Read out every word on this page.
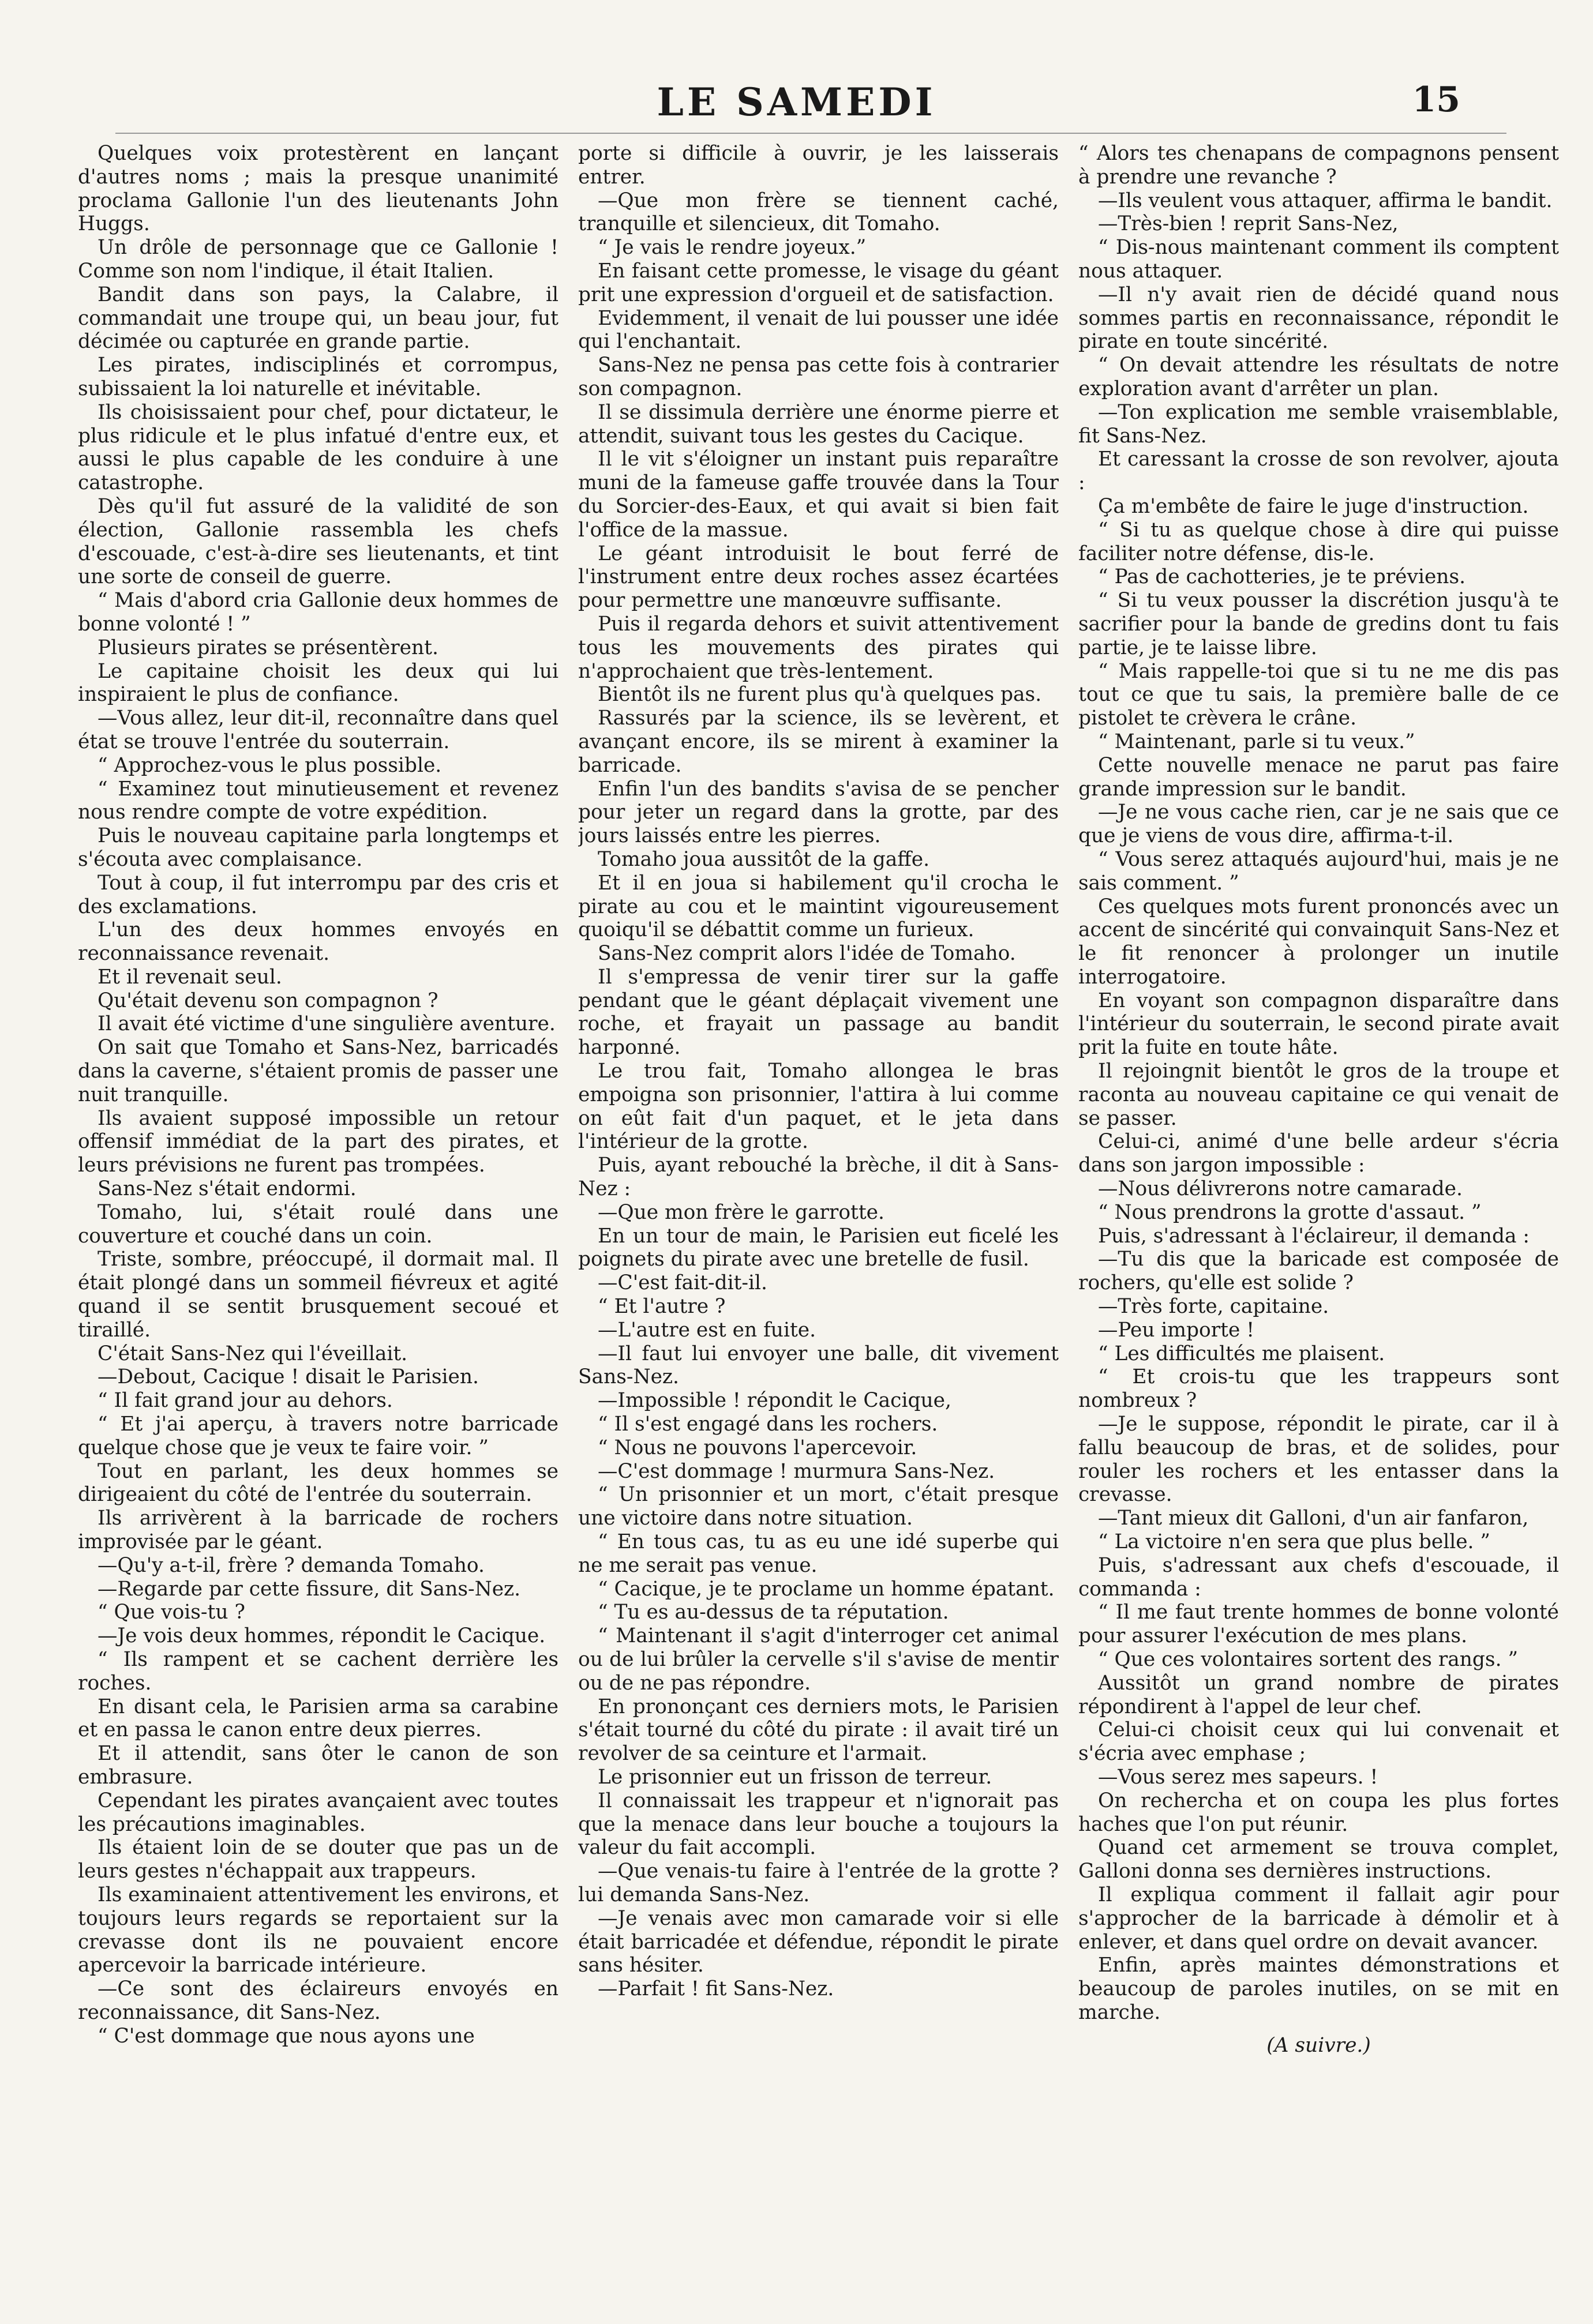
LE SAMEDI	15

Quelques voix protestèrent en lançant d'autres noms ; mais la presque unanimité proclama Gallonie l'un des lieutenants John Huggs.

Un drôle de personnage que ce Gallonie ! Comme son nom l'indique, il était Italien.

Bandit dans son pays, la Calabre, il commandait une troupe qui, un beau jour, fut décimée ou capturée en grande partie.

Les pirates, indisciplinés et corrompus, subissaient la loi naturelle et inévitable.

Ils choisissaient pour chef, pour dictateur, le plus ridicule et le plus infatué d'entre eux, et aussi le plus capable de les conduire à une catastrophe.

Dès qu'il fut assuré de la validité de son élection, Gallonie rassembla les chefs d'escouade, c'est-à-dire ses lieutenants, et tint une sorte de conseil de guerre.

“ Mais d'abord cria Gallonie deux hommes de bonne volonté ! ”

Plusieurs pirates se présentèrent.

Le capitaine choisit les deux qui lui inspiraient le plus de confiance.

—Vous allez, leur dit-il, reconnaître dans quel état se trouve l'entrée du souterrain.

“ Approchez-vous le plus possible.

“ Examinez tout minutieusement et revenez nous rendre compte de votre expédition.

Puis le nouveau capitaine parla longtemps et s'écouta avec complaisance.

Tout à coup, il fut interrompu par des cris et des exclamations.

L'un des deux hommes envoyés en reconnaissance revenait.

Et il revenait seul.

Qu'était devenu son compagnon ?

Il avait été victime d'une singulière aventure.

On sait que Tomaho et Sans-Nez, barricadés dans la caverne, s'étaient promis de passer une nuit tranquille.

Ils avaient supposé impossible un retour offensif immédiat de la part des pirates, et leurs prévisions ne furent pas trompées.

Sans-Nez s'était endormi.

Tomaho, lui, s'était roulé dans une couverture et couché dans un coin.

Triste, sombre, préoccupé, il dormait mal. Il était plongé dans un sommeil fiévreux et agité quand il se sentit brusquement secoué et tiraillé.

C'était Sans-Nez qui l'éveillait.

—Debout, Cacique ! disait le Parisien.

“ Il fait grand jour au dehors.

“ Et j'ai aperçu, à travers notre barricade quelque chose que je veux te faire voir. ”

Tout en parlant, les deux hommes se dirigeaient du côté de l'entrée du souterrain.

Ils arrivèrent à la barricade de rochers improvisée par le géant.

—Qu'y a-t-il, frère ? demanda Tomaho.

—Regarde par cette fissure, dit Sans-Nez.

“ Que vois-tu ?

—Je vois deux hommes, répondit le Cacique.

“ Ils rampent et se cachent derrière les roches.

En disant cela, le Parisien arma sa carabine et en passa le canon entre deux pierres.

Et il attendit, sans ôter le canon de son embrasure.

Cependant les pirates avançaient avec toutes les précautions imaginables.

Ils étaient loin de se douter que pas un de leurs gestes n'échappait aux trappeurs.

Ils examinaient attentivement les environs, et toujours leurs regards se reportaient sur la crevasse dont ils ne pouvaient encore apercevoir la barricade intérieure.

—Ce sont des éclaireurs envoyés en reconnaissance, dit Sans-Nez.

“ C'est dommage que nous ayons une

porte si difficile à ouvrir, je les laisserais entrer.

—Que mon frère se tiennent caché, tranquille et silencieux, dit Tomaho.

“ Je vais le rendre joyeux.”

En faisant cette promesse, le visage du géant prit une expression d'orgueil et de satisfaction.

Evidemment, il venait de lui pousser une idée qui l'enchantait.

Sans-Nez ne pensa pas cette fois à contrarier son compagnon.

Il se dissimula derrière une énorme pierre et attendit, suivant tous les gestes du Cacique.

Il le vit s'éloigner un instant puis reparaître muni de la fameuse gaffe trouvée dans la Tour du Sorcier-des-Eaux, et qui avait si bien fait l'office de la massue.

Le géant introduisit le bout ferré de l'instrument entre deux roches assez écartées pour permettre une manœuvre suffisante.

Puis il regarda dehors et suivit attentivement tous les mouvements des pirates qui n'approchaient que très-lentement.

Bientôt ils ne furent plus qu'à quelques pas.

Rassurés par la science, ils se levèrent, et avançant encore, ils se mirent à examiner la barricade.

Enfin l'un des bandits s'avisa de se pencher pour jeter un regard dans la grotte, par des jours laissés entre les pierres.

Tomaho joua aussitôt de la gaffe.

Et il en joua si habilement qu'il crocha le pirate au cou et le maintint vigoureusement quoiqu'il se débattit comme un furieux.

Sans-Nez comprit alors l'idée de Tomaho.

Il s'empressa de venir tirer sur la gaffe pendant que le géant déplaçait vivement une roche, et frayait un passage au bandit harponné.

Le trou fait, Tomaho allongea le bras empoigna son prisonnier, l'attira à lui comme on eût fait d'un paquet, et le jeta dans l'intérieur de la grotte.

Puis, ayant rebouché la brèche, il dit à Sans-Nez :

—Que mon frère le garrotte.

En un tour de main, le Parisien eut ficelé les poignets du pirate avec une bretelle de fusil.

—C'est fait-dit-il.

“ Et l'autre ?

—L'autre est en fuite.

—Il faut lui envoyer une balle, dit vivement Sans-Nez.

—Impossible ! répondit le Cacique,

“ Il s'est engagé dans les rochers.

“ Nous ne pouvons l'apercevoir.

—C'est dommage ! murmura Sans-Nez.

“ Un prisonnier et un mort, c'était presque une victoire dans notre situation.

“ En tous cas, tu as eu une idé superbe qui ne me serait pas venue.

“ Cacique, je te proclame un homme épatant.

“ Tu es au-dessus de ta réputation.

“ Maintenant il s'agit d'interroger cet animal ou de lui brûler la cervelle s'il s'avise de mentir ou de ne pas répondre.

En prononçant ces derniers mots, le Parisien s'était tourné du côté du pirate : il avait tiré un revolver de sa ceinture et l'armait.

Le prisonnier eut un frisson de terreur.

Il connaissait les trappeur et n'ignorait pas que la menace dans leur bouche a toujours la valeur du fait accompli.

—Que venais-tu faire à l'entrée de la grotte ? lui demanda Sans-Nez.

—Je venais avec mon camarade voir si elle était barricadée et défendue, répondit le pirate sans hésiter.

—Parfait ! fit Sans-Nez.

“ Alors tes chenapans de compagnons pensent à prendre une revanche ?

—Ils veulent vous attaquer, affirma le bandit.

—Très-bien ! reprit Sans-Nez,

“ Dis-nous maintenant comment ils comptent nous attaquer.

—Il n'y avait rien de décidé quand nous sommes partis en reconnaissance, répondit le pirate en toute sincérité.

“ On devait attendre les résultats de notre exploration avant d'arrêter un plan.

—Ton explication me semble vraisemblable, fit Sans-Nez.

Et caressant la crosse de son revolver, ajouta :

Ça m'embête de faire le juge d'instruction.

“ Si tu as quelque chose à dire qui puisse faciliter notre défense, dis-le.

“ Pas de cachotteries, je te préviens.

“ Si tu veux pousser la discrétion jusqu'à te sacrifier pour la bande de gredins dont tu fais partie, je te laisse libre.

“ Mais rappelle-toi que si tu ne me dis pas tout ce que tu sais, la première balle de ce pistolet te crèvera le crâne.

“ Maintenant, parle si tu veux.”

Cette nouvelle menace ne parut pas faire grande impression sur le bandit.

—Je ne vous cache rien, car je ne sais que ce que je viens de vous dire, affirma-t-il.

“ Vous serez attaqués aujourd'hui, mais je ne sais comment. ”

Ces quelques mots furent prononcés avec un accent de sincérité qui convainquit Sans-Nez et le fit renoncer à prolonger un inutile interrogatoire.

En voyant son compagnon disparaître dans l'intérieur du souterrain, le second pirate avait prit la fuite en toute hâte.

Il rejoingnit bientôt le gros de la troupe et raconta au nouveau capitaine ce qui venait de se passer.

Celui-ci, animé d'une belle ardeur s'écria dans son jargon impossible :

—Nous délivrerons notre camarade.

“ Nous prendrons la grotte d'assaut. ”

Puis, s'adressant à l'éclaireur, il demanda :

—Tu dis que la baricade est composée de rochers, qu'elle est solide ?

—Très forte, capitaine.

—Peu importe !

“ Les difficultés me plaisent.

“ Et crois-tu que les trappeurs sont nombreux ?

—Je le suppose, répondit le pirate, car il à fallu beaucoup de bras, et de solides, pour rouler les rochers et les entasser dans la crevasse.

—Tant mieux dit Galloni, d'un air fanfaron,

“ La victoire n'en sera que plus belle. ”

Puis, s'adressant aux chefs d'escouade, il commanda :

“ Il me faut trente hommes de bonne volonté pour assurer l'exécution de mes plans.

“ Que ces volontaires sortent des rangs. ”

Aussitôt un grand nombre de pirates répondirent à l'appel de leur chef.

Celui-ci choisit ceux qui lui convenait et s'écria avec emphase ;

—Vous serez mes sapeurs. !

On rechercha et on coupa les plus fortes haches que l'on put réunir.

Quand cet armement se trouva complet, Galloni donna ses dernières instructions.

Il expliqua comment il fallait agir pour s'approcher de la barricade à démolir et à enlever, et dans quel ordre on devait avancer.

Enfin, après maintes démonstrations et beaucoup de paroles inutiles, on se mit en marche.

(A suivre.)
